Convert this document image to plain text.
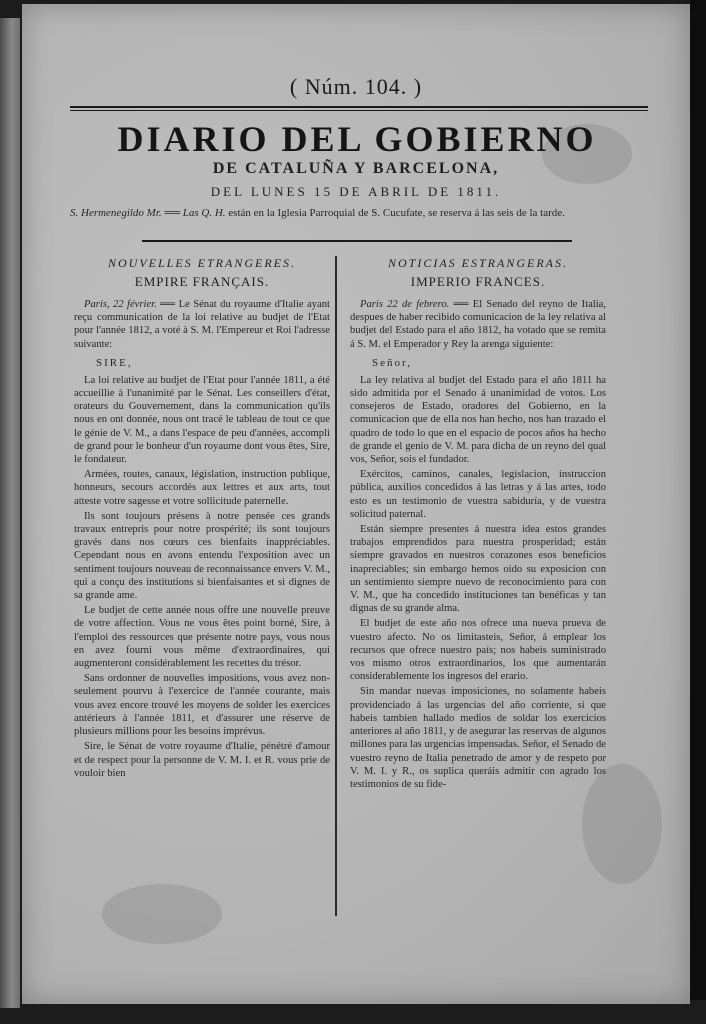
( Núm. 104. )
DIARIO DEL GOBIERNO
DE CATALUÑA Y BARCELONA,
DEL LUNES 15 DE ABRIL DE 1811.
S. Hermenegildo Mr. ══ Las Q. H. están en la Iglesia Parroquial de S. Cucufate, se reserva á las seis de la tarde.
NOUVELLES ETRANGERES.
EMPIRE FRANÇAIS.

Paris, 22 février. ══ Le Sénat du royaume d'Italie ayant reçu communication de la loi relative au budjet de l'Etat pour l'année 1812, a voté à S. M. l'Empereur et Roi l'adresse suivante:

SIRE,

La loi relative au budjet de l'Etat pour l'année 1811, a été accueillie à l'unanimité par le Sénat. Les conseillers d'état, orateurs du Gouvernement, dans la communication qu'ils nous en ont donnée, nous ont tracé le tableau de tout ce que le génie de V. M., a dans l'espace de peu d'années, accompli de grand pour le bonheur d'un royaume dont vous êtes, Sire, le fondateur.

Armées, routes, canaux, législation, instruction publique, honneurs, secours accordés aux lettres et aux arts, tout atteste votre sagesse et votre sollicitude paternelle.

Ils sont toujours présens à notre pensée ces grands travaux entrepris pour notre prospérité; ils sont toujours gravés dans nos cœurs ces bienfaits inappréciables. Cependant nous en avons entendu l'exposition avec un sentiment toujours nouveau de reconnaissance envers V. M., qui a conçu des institutions si bienfaisantes et si dignes de sa grande ame.

Le budjet de cette année nous offre une nouvelle preuve de votre affection. Vous ne vous êtes point borné, Sire, à l'emploi des ressources que présente notre pays, vous nous en avez fourni vous même d'extraordinaires, qui augmenteront considérablement les recettes du trésor.

Sans ordonner de nouvelles impositions, vous avez non-seulement pourvu à l'exercice de l'année courante, mais vous avez encore trouvé les moyens de solder les exercices antérieurs à l'année 1811, et d'assurer une réserve de plusieurs millions pour les besoins imprévus.

Sire, le Sénat de votre royaume d'Italie, pénétré d'amour et de respect pour la personne de V. M. I. et R. vous prie de vouloir bien

NOTICIAS ESTRANGERAS.
IMPERIO FRANCES.

Paris 22 de febrero. ══ El Senado del reyno de Italia, despues de haber recibido comunicacion de la ley relativa al budjet del Estado para el año 1812, ha votado que se remita á S. M. el Emperador y Rey la arenga siguiente:

Señor,

La ley relativa al budjet del Estado para el año 1811 ha sido admitida por el Senado á unanimidad de votos. Los consejeros de Estado, oradores del Gobierno, en la comunicacion que de ella nos han hecho, nos han trazado el quadro de todo lo que en el espacio de pocos años ha hecho de grande el genio de V. M. para dicha de un reyno del qual vos, Señor, sois el fundador.

Exércitos, caminos, canales, legislacion, instruccion pública, auxilios concedidos á las letras y á las artes, todo esto es un testimonio de vuestra sabiduría, y de vuestra solicitud paternal.

Están siempre presentes á nuestra idea estos grandes trabajos emprendidos para nuestra prosperidad; están siempre gravados en nuestros corazones esos beneficios inapreciables; sin embargo hemos oido su exposicion con un sentimiento siempre nuevo de reconocimiento para con V. M., que ha concedido instituciones tan benéficas y tan dignas de su grande alma.

El budjet de este año nos ofrece una nueva prueva de vuestro afecto. No os limitasteis, Señor, á emplear los recursos que ofrece nuestro país; nos habeis suministrado vos mismo otros extraordinarios, los que aumentarán considerablemente los ingresos del erario.

Sin mandar nuevas imposiciones, no solamente habeis providenciado á las urgencias del año corriente, si que habeis tambien hallado medios de soldar los exercicios anteriores al año 1811, y de asegurar las reservas de algunos millones para las urgencias impensadas. Señor, el Senado de vuestro reyno de Italia penetrado de amor y de respeto por V. M. I. y R., os suplica queráis admitir con agrado los testimonios de su fide-
